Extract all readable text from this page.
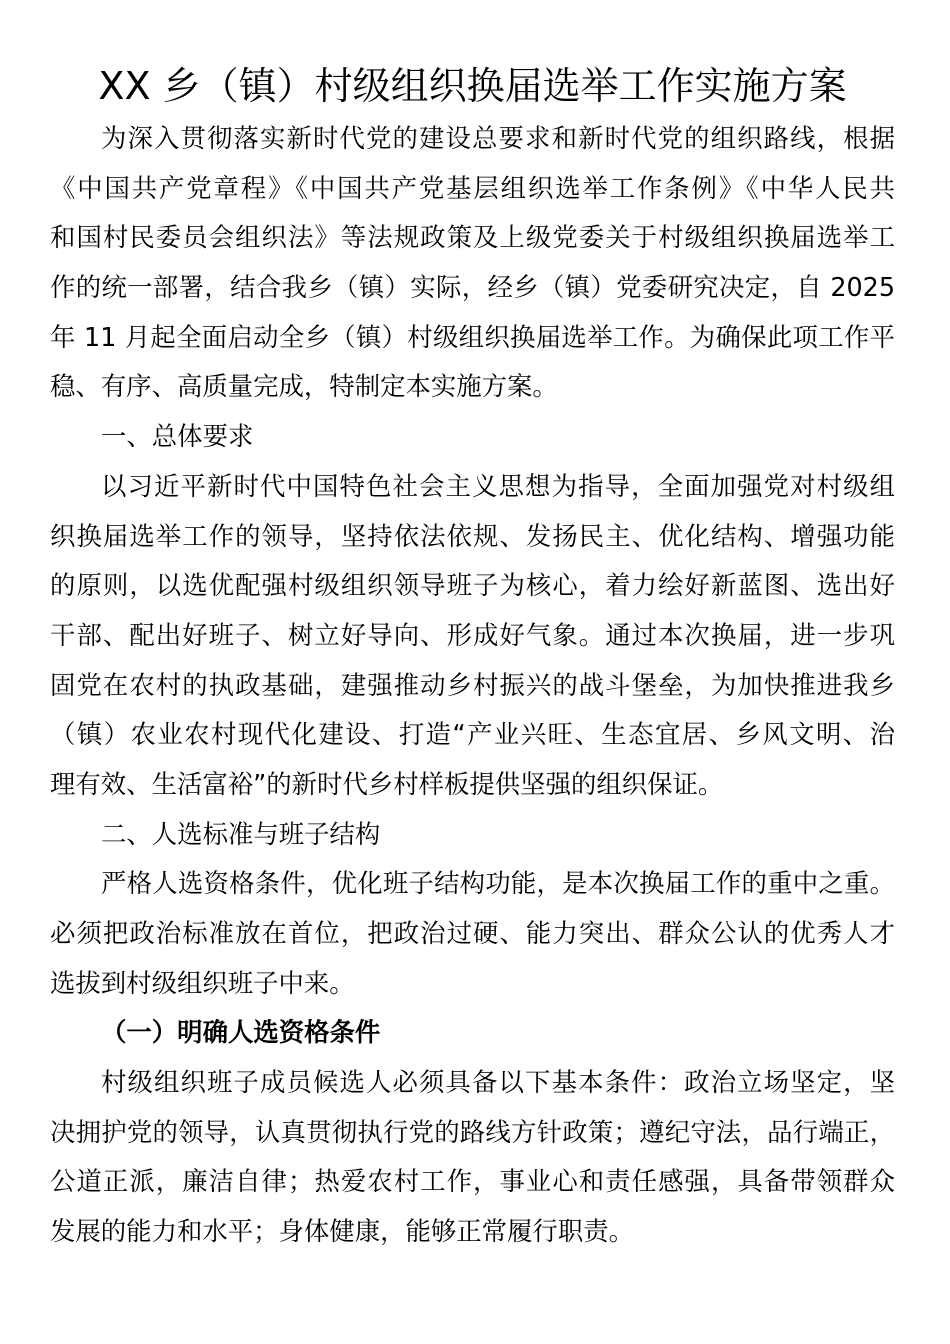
XX 乡（镇）村级组织换届选举工作实施方案
为深入贯彻落实新时代党的建设总要求和新时代党的组织路线，根据
《中国共产党章程》《中国共产党基层组织选举工作条例》《中华人民共
和国村民委员会组织法》等法规政策及上级党委关于村级组织换届选举工
作的统一部署，结合我乡（镇）实际，经乡（镇）党委研究决定，自 2025
年 11 月起全面启动全乡（镇）村级组织换届选举工作。为确保此项工作平
稳、有序、高质量完成，特制定本实施方案。
一、总体要求
以习近平新时代中国特色社会主义思想为指导，全面加强党对村级组
织换届选举工作的领导，坚持依法依规、发扬民主、优化结构、增强功能
的原则，以选优配强村级组织领导班子为核心，着力绘好新蓝图、选出好
干部、配出好班子、树立好导向、形成好气象。通过本次换届，进一步巩
固党在农村的执政基础，建强推动乡村振兴的战斗堡垒，为加快推进我乡
（镇）农业农村现代化建设、打造“产业兴旺、生态宜居、乡风文明、治
理有效、生活富裕”的新时代乡村样板提供坚强的组织保证。
二、人选标准与班子结构
严格人选资格条件，优化班子结构功能，是本次换届工作的重中之重。
必须把政治标准放在首位，把政治过硬、能力突出、群众公认的优秀人才
选拔到村级组织班子中来。
（一）明确人选资格条件
村级组织班子成员候选人必须具备以下基本条件：政治立场坚定，坚
决拥护党的领导，认真贯彻执行党的路线方针政策；遵纪守法，品行端正，
公道正派，廉洁自律；热爱农村工作，事业心和责任感强，具备带领群众
发展的能力和水平；身体健康，能够正常履行职责。
